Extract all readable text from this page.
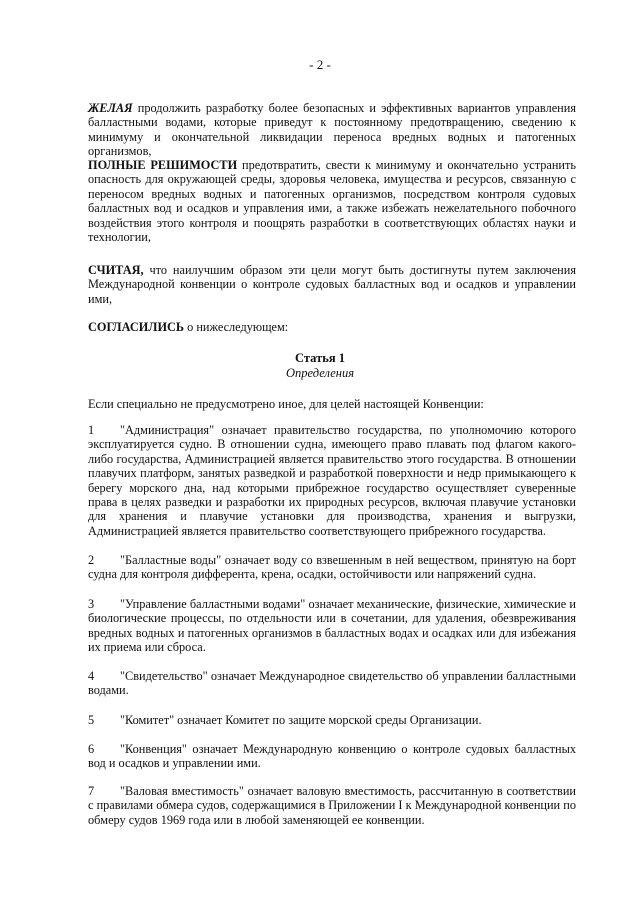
- 2 -

ЖЕЛАЯ продолжить разработку более безопасных и эффективных вариантов управления балластными водами, которые приведут к постоянному предотвращению, сведению к минимуму и окончательной ликвидации переноса вредных водных и патогенных организмов,

ПОЛНЫЕ РЕШИМОСТИ предотвратить, свести к минимуму и окончательно устранить опасность для окружающей среды, здоровья человека, имущества и ресурсов, связанную с переносом вредных водных и патогенных организмов, посредством контроля судовых балластных вод и осадков и управления ими, а также избежать нежелательного побочного воздействия этого контроля и поощрять разработки в соответствующих областях науки и технологии,

СЧИТАЯ, что наилучшим образом эти цели могут быть достигнуты путем заключения Международной конвенции о контроле судовых балластных вод и осадков и управлении ими,

СОГЛАСИЛИСЬ о нижеследующем:

Статья 1
Определения

Если специально не предусмотрено иное, для целей настоящей Конвенции:

1 "Администрация" означает правительство государства, по уполномочию которого эксплуатируется судно. В отношении судна, имеющего право плавать под флагом какого-либо государства, Администрацией является правительство этого государства. В отношении плавучих платформ, занятых разведкой и разработкой поверхности и недр примыкающего к берегу морского дна, над которыми прибрежное государство осуществляет суверенные права в целях разведки и разработки их природных ресурсов, включая плавучие установки для хранения и плавучие установки для производства, хранения и выгрузки, Администрацией является правительство соответствующего прибрежного государства.

2 "Балластные воды" означает воду со взвешенным в ней веществом, принятую на борт судна для контроля дифферента, крена, осадки, остойчивости или напряжений судна.

3 "Управление балластными водами" означает механические, физические, химические и биологические процессы, по отдельности или в сочетании, для удаления, обезвреживания вредных водных и патогенных организмов в балластных водах и осадках или для избежания их приема или сброса.

4 "Свидетельство" означает Международное свидетельство об управлении балластными водами.

5 "Комитет" означает Комитет по защите морской среды Организации.

6 "Конвенция" означает Международную конвенцию о контроле судовых балластных вод и осадков и управлении ими.

7 "Валовая вместимость" означает валовую вместимость, рассчитанную в соответствии с правилами обмера судов, содержащимися в Приложении I к Международной конвенции по обмеру судов 1969 года или в любой заменяющей ее конвенции.
